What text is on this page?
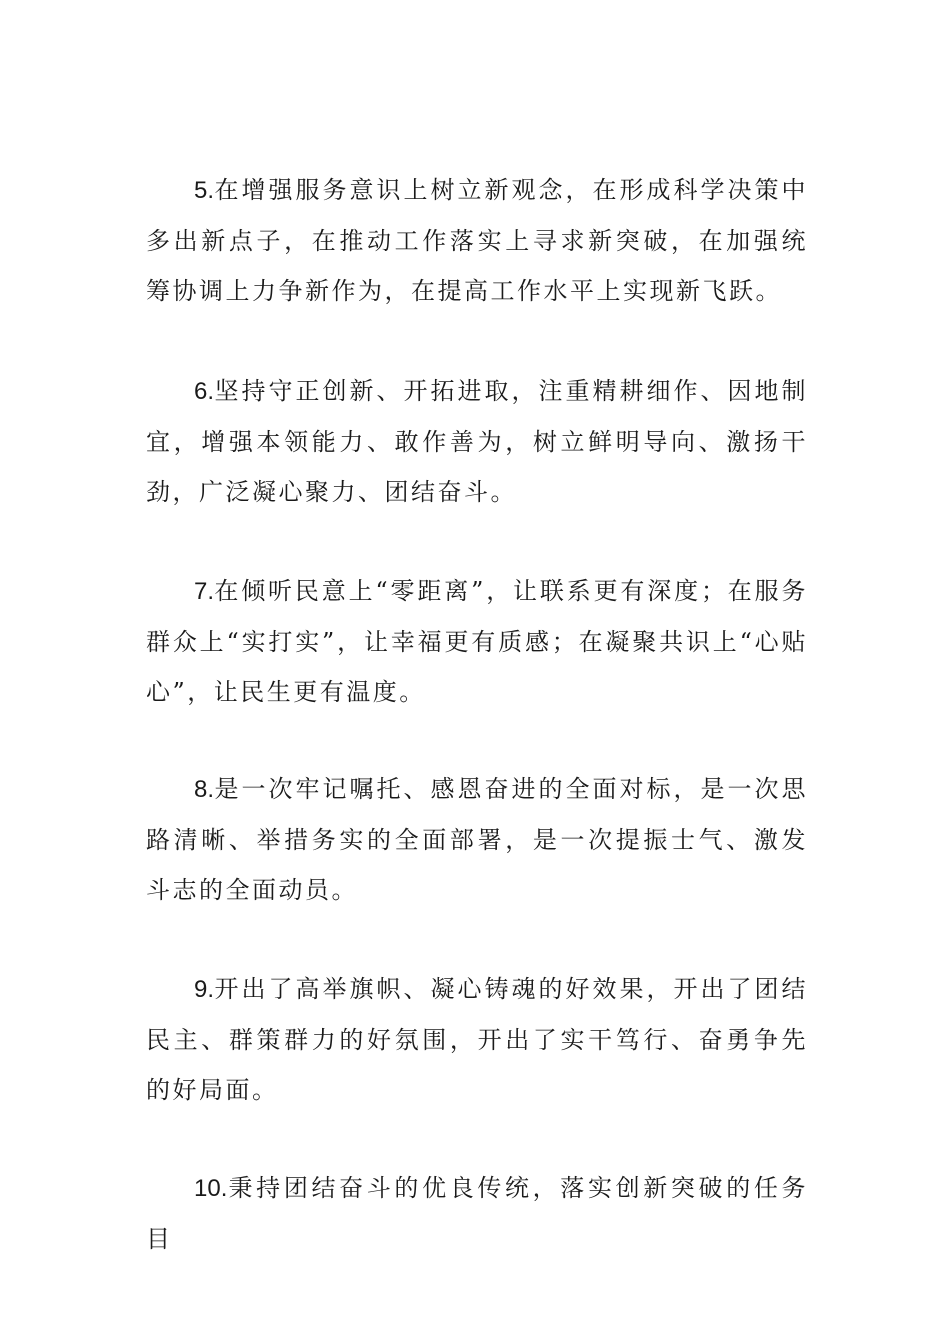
5.在增强服务意识上树立新观念，在形成科学决策中多出新点子，在推动工作落实上寻求新突破，在加强统筹协调上力争新作为，在提高工作水平上实现新飞跃。

6.坚持守正创新、开拓进取，注重精耕细作、因地制宜，增强本领能力、敢作善为，树立鲜明导向、激扬干劲，广泛凝心聚力、团结奋斗。

7.在倾听民意上“零距离”，让联系更有深度；在服务群众上“实打实”，让幸福更有质感；在凝聚共识上“心贴心”，让民生更有温度。

8.是一次牢记嘱托、感恩奋进的全面对标，是一次思路清晰、举措务实的全面部署，是一次提振士气、激发斗志的全面动员。

9.开出了高举旗帜、凝心铸魂的好效果，开出了团结民主、群策群力的好氛围，开出了实干笃行、奋勇争先的好局面。

10.秉持团结奋斗的优良传统，落实创新突破的任务目
